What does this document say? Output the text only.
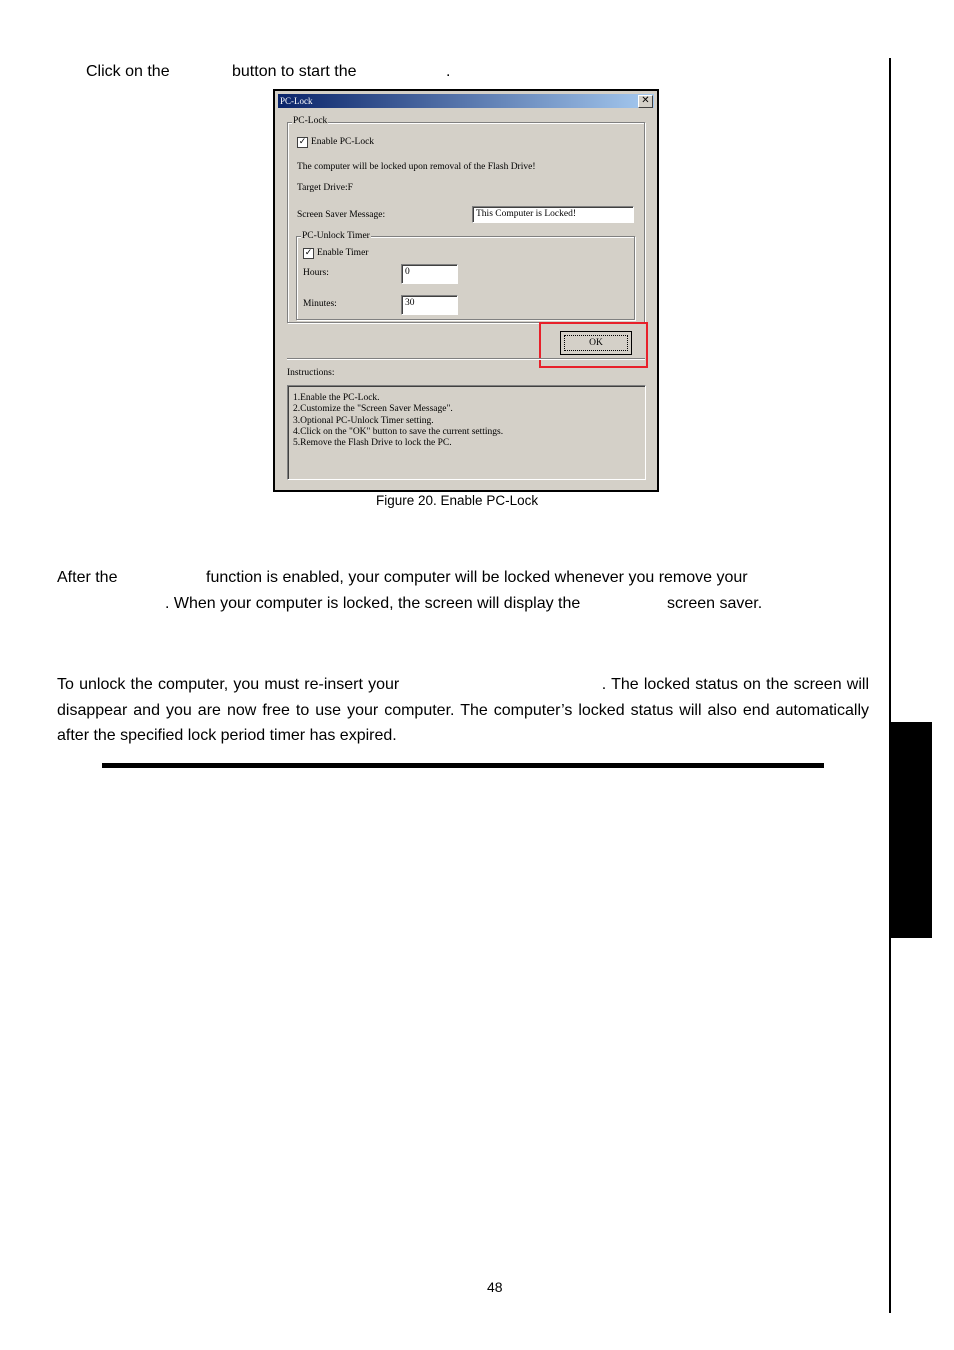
Click on the	button to start the	.
PC-Lock	✕
PC-Lock
✓ Enable PC-Lock
The computer will be locked upon removal of the Flash Drive!
Target Drive:F
Screen Saver Message:	This Computer is Locked!
PC-Unlock Timer
✓ Enable Timer
Hours:	0
Minutes:	30
OK
Instructions:
1.Enable the PC-Lock.
2.Customize the "Screen Saver Message".
3.Optional PC-Unlock Timer setting.
4.Click on the "OK" button to save the current settings.
5.Remove the Flash Drive to lock the PC.
Figure 20. Enable PC-Lock
After the	function is enabled, your computer will be locked whenever you remove your
. When your computer is locked, the screen will display the	screen saver.
To unlock the computer, you must re-insert your                                       . The locked status on the screen will disappear and you are now free to use your computer. The computer’s locked status will also end automatically after the specified lock period timer has expired.
48
